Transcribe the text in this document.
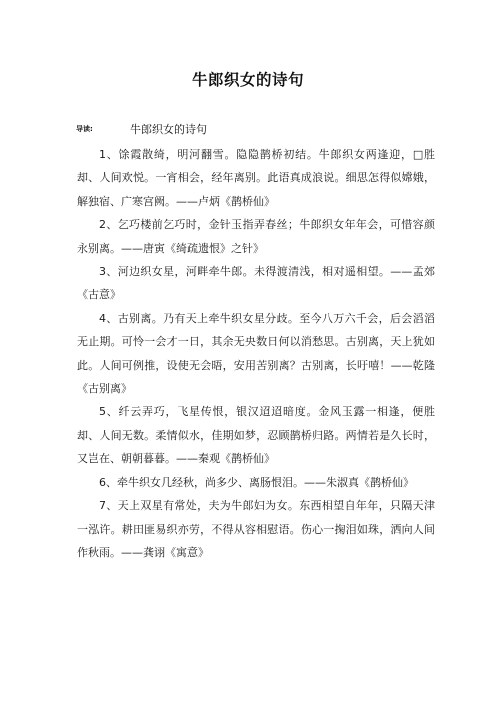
牛郎织女的诗句
导读:	牛郎织女的诗句

1、馀霞散绮，明河翻雪。隐隐鹊桥初结。牛郎织女两逢迎，□胜却、人间欢悦。一宵相会，经年离别。此语真成浪说。细思怎得似嫦娥，解独宿、广寒宫阙。——卢炳《鹊桥仙》

2、乞巧楼前乞巧时，金针玉指弄春丝；牛郎织女年年会，可惜容颜永别离。——唐寅《绮疏遗恨》之针》

3、河边织女星，河畔牵牛郎。未得渡清浅，相对遥相望。——孟郊《古意》

4、古别离。乃有天上牵牛织女星分歧。至今八万六千会，后会滔滔无止期。可怜一会才一日，其余无央数日何以消愁思。古别离，天上犹如此。人间可例推，设使无会晤，安用苦别离？古别离，长吁嘻！——乾隆《古别离》

5、纤云弄巧，飞星传恨，银汉迢迢暗度。金风玉露一相逢，便胜却、人间无数。柔情似水，佳期如梦，忍顾鹊桥归路。两情若是久长时，又岂在、朝朝暮暮。——秦观《鹊桥仙》

6、牵牛织女几经秋，尚多少、离肠恨泪。——朱淑真《鹊桥仙》

7、天上双星有常处，夫为牛郎妇为女。东西相望自年年，只隔天津一泓许。耕田匪易织亦劳，不得从容相慰语。伤心一掬泪如珠，洒向人间作秋雨。——龚诩《寓意》
